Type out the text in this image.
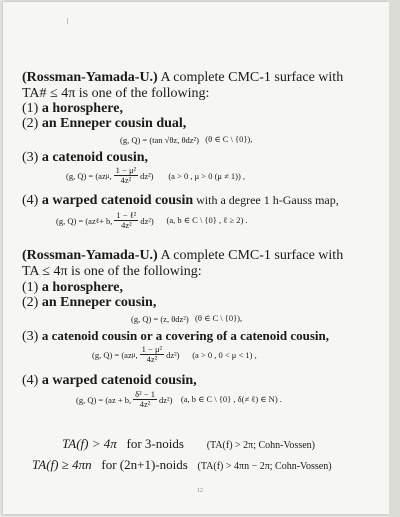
(Rossman-Yamada-U.) A complete CMC-1 surface with
TA# ≤ 4π is one of the following:
(1) a horosphere,
(2) an Enneper cousin dual,
(g, Q) = (tan √θz, θdz²)
(θ ∈ C \ {0}),
(3) a catenoid cousin,
(g, Q) = (az μ , $\frac{\text{1 − μ²}}{\text{4z²}} dz^2$)
(a > 0 , μ > 0 (μ ≠ 1)) ,
(4) a warped catenoid cousin with a degree 1 h-Gauss map,
(g, Q) = (az ℓ + b, $\frac{\text{1 − ℓ²}}{\text{4z²}} dz^2$)
(a, b ∈ C \ {0} , ℓ ≥ 2) .
(Rossman-Yamada-U.) A complete CMC-1 surface with
TA ≤ 4π is one of the following:
(1) a horosphere,
(2) an Enneper cousin,
(g, Q) = (z, θdz²)
(θ ∈ C \ {0}),
(3) a catenoid cousin or a covering of a catenoid cousin,
(g, Q) = (az μ , $\frac{\text{1 − μ²}}{\text{4z²}} dz^2$)
(a > 0 , 0 < μ < 1) ,
(4) a warped catenoid cousin,
(g, Q) = (az + b, $\frac{\text{δ² − 1}}{\text{4z²}} dz^2$)
(a, b ∈ C \ {0} , δ(≠ ℓ) ∈ N) .
TA(f) > 4π for 3-noids (TA(f) > 2π; Cohn-Vossen)
TA(f) ≥ 4πn for (2n+1)-noids (TA(f) > 4πn − 2π; Cohn-Vossen)
12
